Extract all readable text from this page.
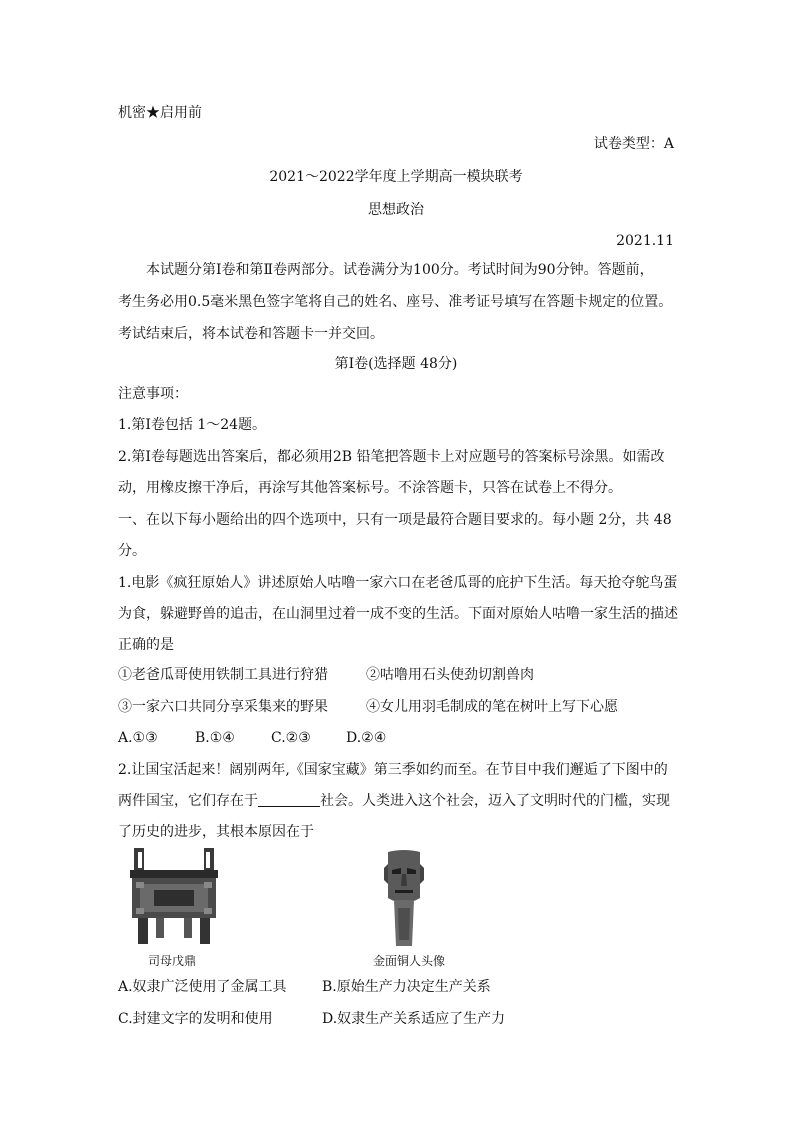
机密★启用前
试卷类型：A
2021～2022学年度上学期高一模块联考
思想政治
2021.11
本试题分第Ⅰ卷和第Ⅱ卷两部分。试卷满分为100分。考试时间为90分钟。答题前，
考生务必用0.5毫米黑色签字笔将自己的姓名、座号、准考证号填写在答题卡规定的位置。
考试结束后，将本试卷和答题卡一并交回。
第Ⅰ卷(选择题 48分)
注意事项：
1.第Ⅰ卷包括 1～24题。
2.第Ⅰ卷每题选出答案后，都必须用2B 铅笔把答题卡上对应题号的答案标号涂黑。如需改
动，用橡皮擦干净后，再涂写其他答案标号。不涂答题卡，只答在试卷上不得分。
一、在以下每小题给出的四个选项中，只有一项是最符合题目要求的。每小题 2分，共 48
分。
1.电影《疯狂原始人》讲述原始人咕噜一家六口在老爸瓜哥的庇护下生活。每天抢夺鸵鸟蛋
为食，躲避野兽的追击，在山洞里过着一成不变的生活。下面对原始人咕噜一家生活的描述
正确的是
①老爸瓜哥使用铁制工具进行狩猎	②咕噜用石头使劲切割兽肉
③一家六口共同分享采集来的野果	④女儿用羽毛制成的笔在树叶上写下心愿
A.①③	B.①④	C.②③	D.②④
2.让国宝活起来！阔别两年,《国家宝藏》第三季如约而至。在节目中我们邂逅了下图中的
两件国宝，它们存在于	社会。人类进入这个社会，迈入了文明时代的门槛，实现
了历史的进步，其根本原因在于
司母戊鼎	金面铜人头像
A.奴隶广泛使用了金属工具	B.原始生产力决定生产关系
C.封建文字的发明和使用	D.奴隶生产关系适应了生产力
